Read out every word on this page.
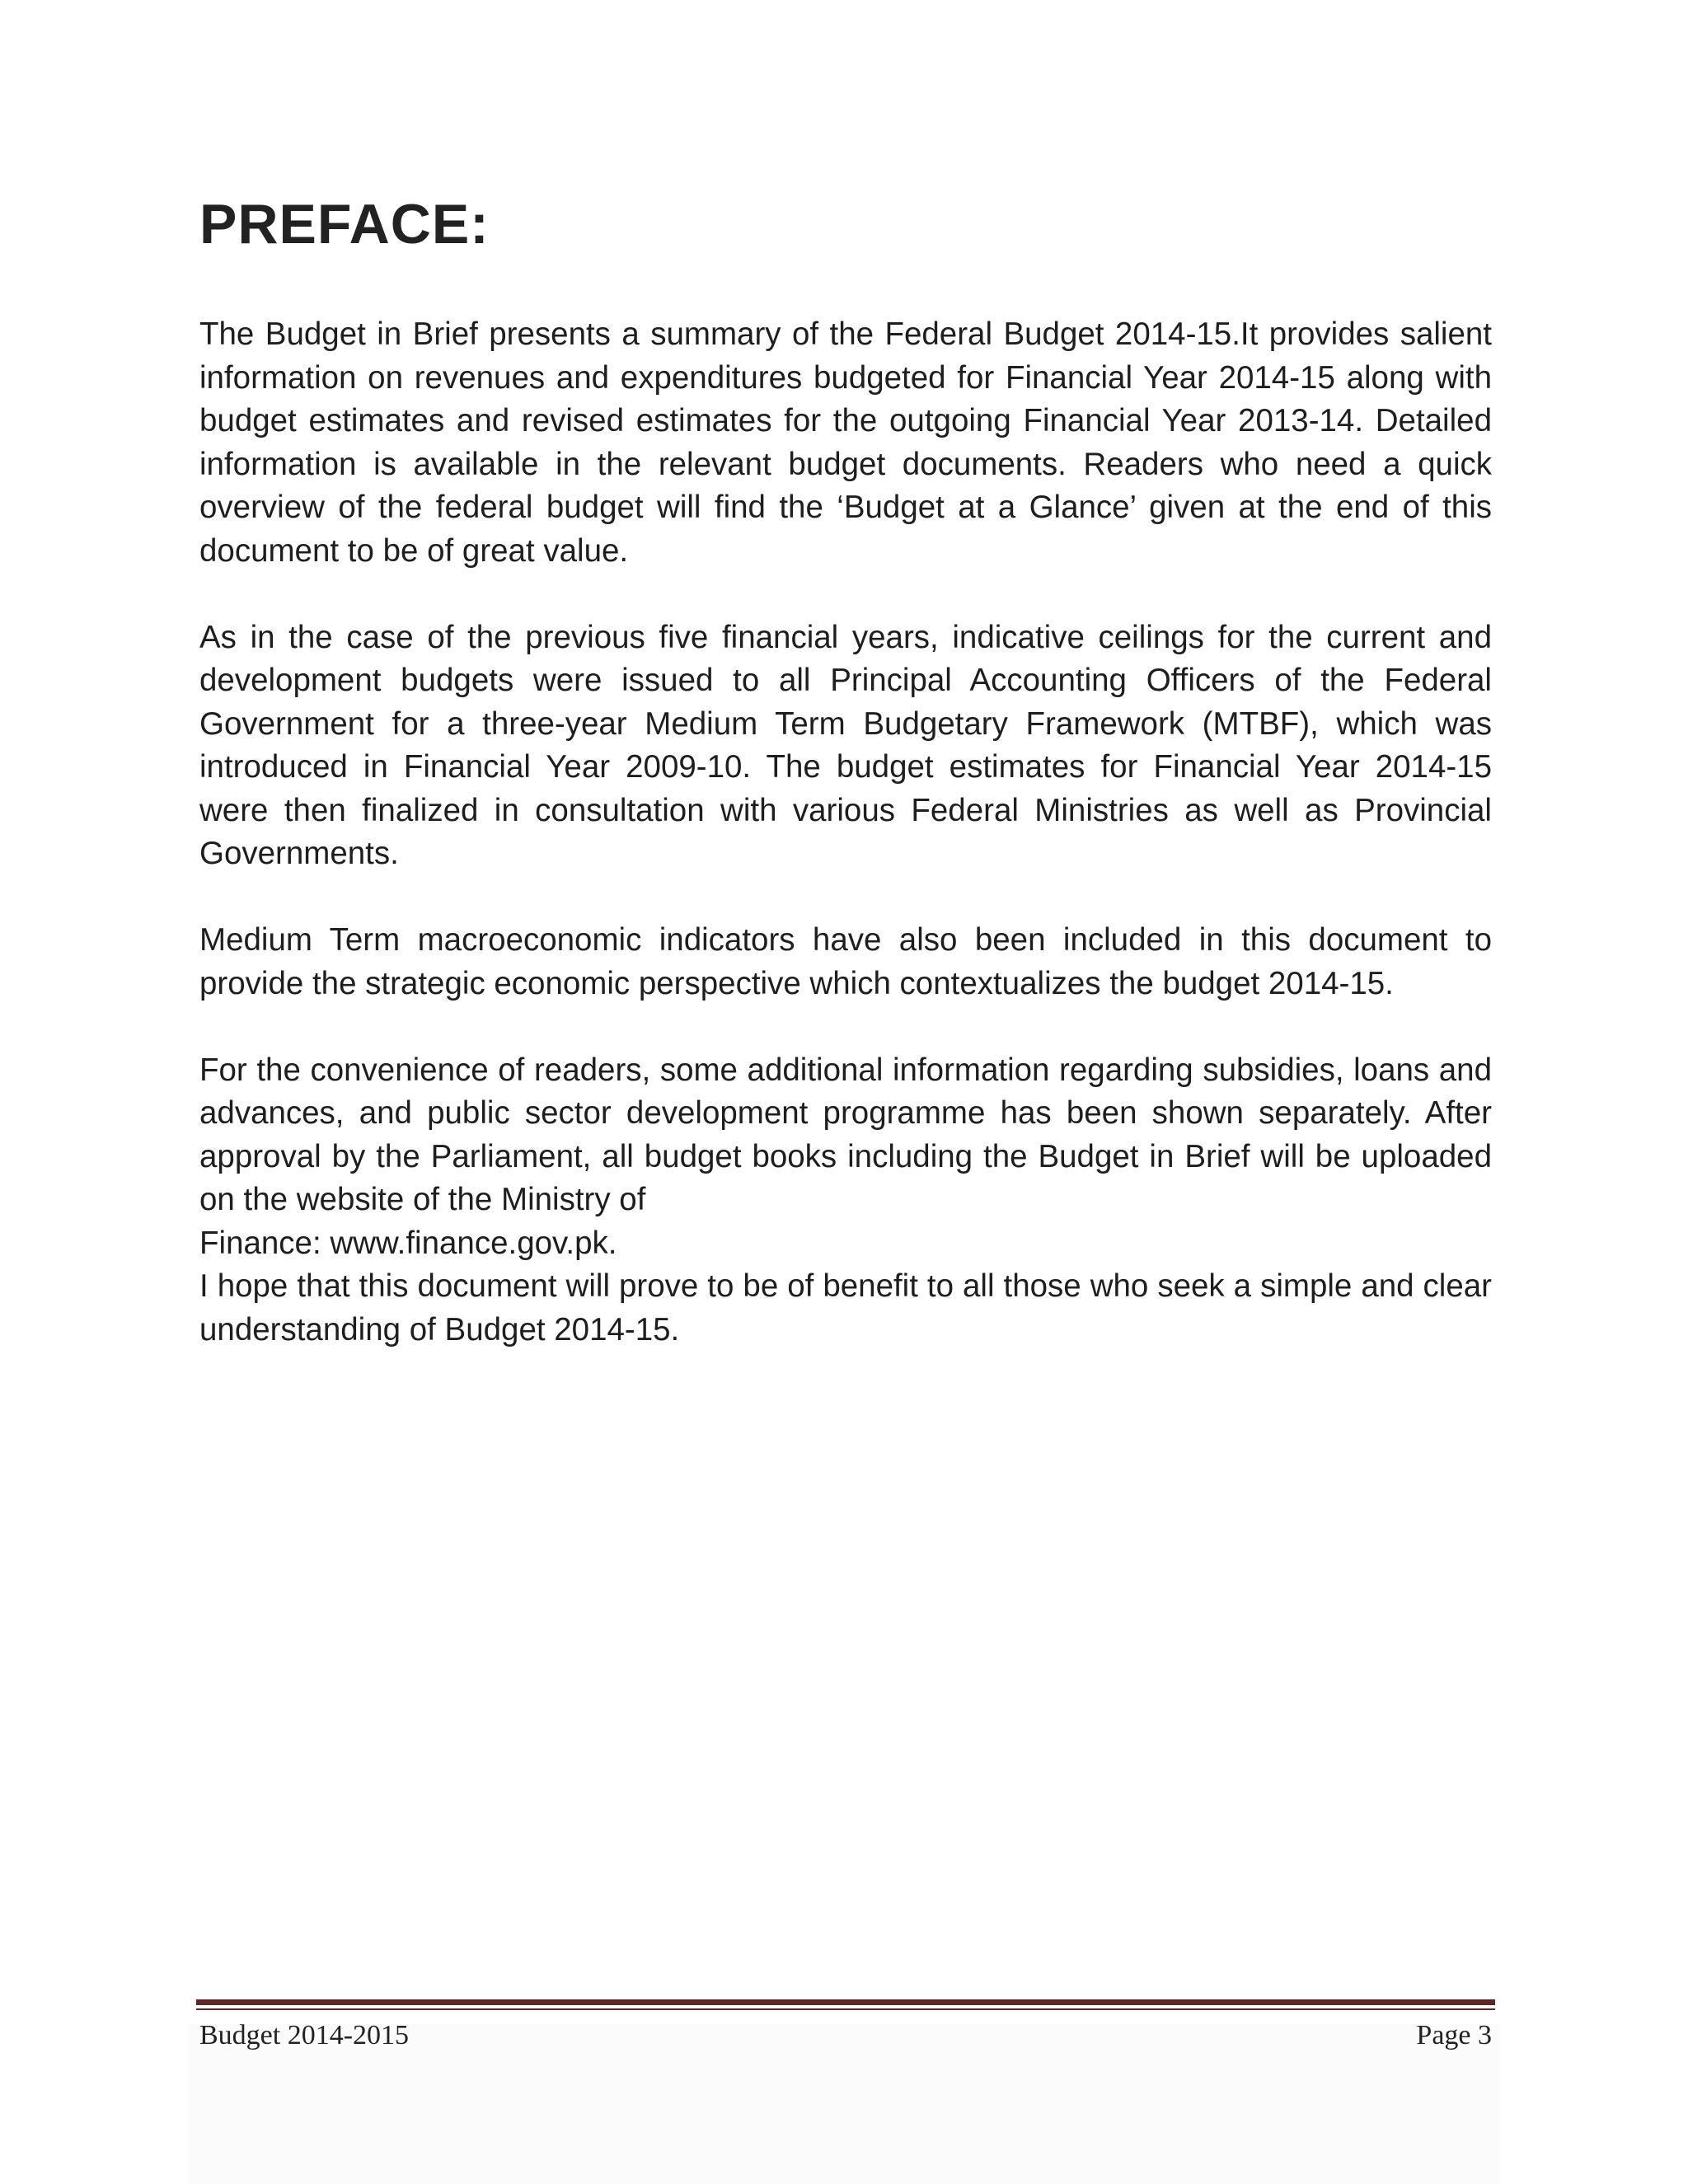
PREFACE:

The Budget in Brief presents a summary of the Federal Budget 2014-15.It provides salient information on revenues and expenditures budgeted for Financial Year 2014-15 along with budget estimates and revised estimates for the outgoing Financial Year 2013-14. Detailed information is available in the relevant budget documents. Readers who need a quick overview of the federal budget will find the ‘Budget at a Glance’ given at the end of this document to be of great value.

As in the case of the previous five financial years, indicative ceilings for the current and development budgets were issued to all Principal Accounting Officers of the Federal Government for a three-year Medium Term Budgetary Framework (MTBF), which was introduced in Financial Year 2009-10. The budget estimates for Financial Year 2014-15 were then finalized in consultation with various Federal Ministries as well as Provincial Governments.

Medium Term macroeconomic indicators have also been included in this document to provide the strategic economic perspective which contextualizes the budget 2014-15.

For the convenience of readers, some additional information regarding subsidies, loans and advances, and public sector development programme has been shown separately. After approval by the Parliament, all budget books including the Budget in Brief will be uploaded on the website of the Ministry of

Finance: www.finance.gov.pk.

I hope that this document will prove to be of benefit to all those who seek a simple and clear understanding of Budget 2014-15.

Budget 2014-2015	Page 3
